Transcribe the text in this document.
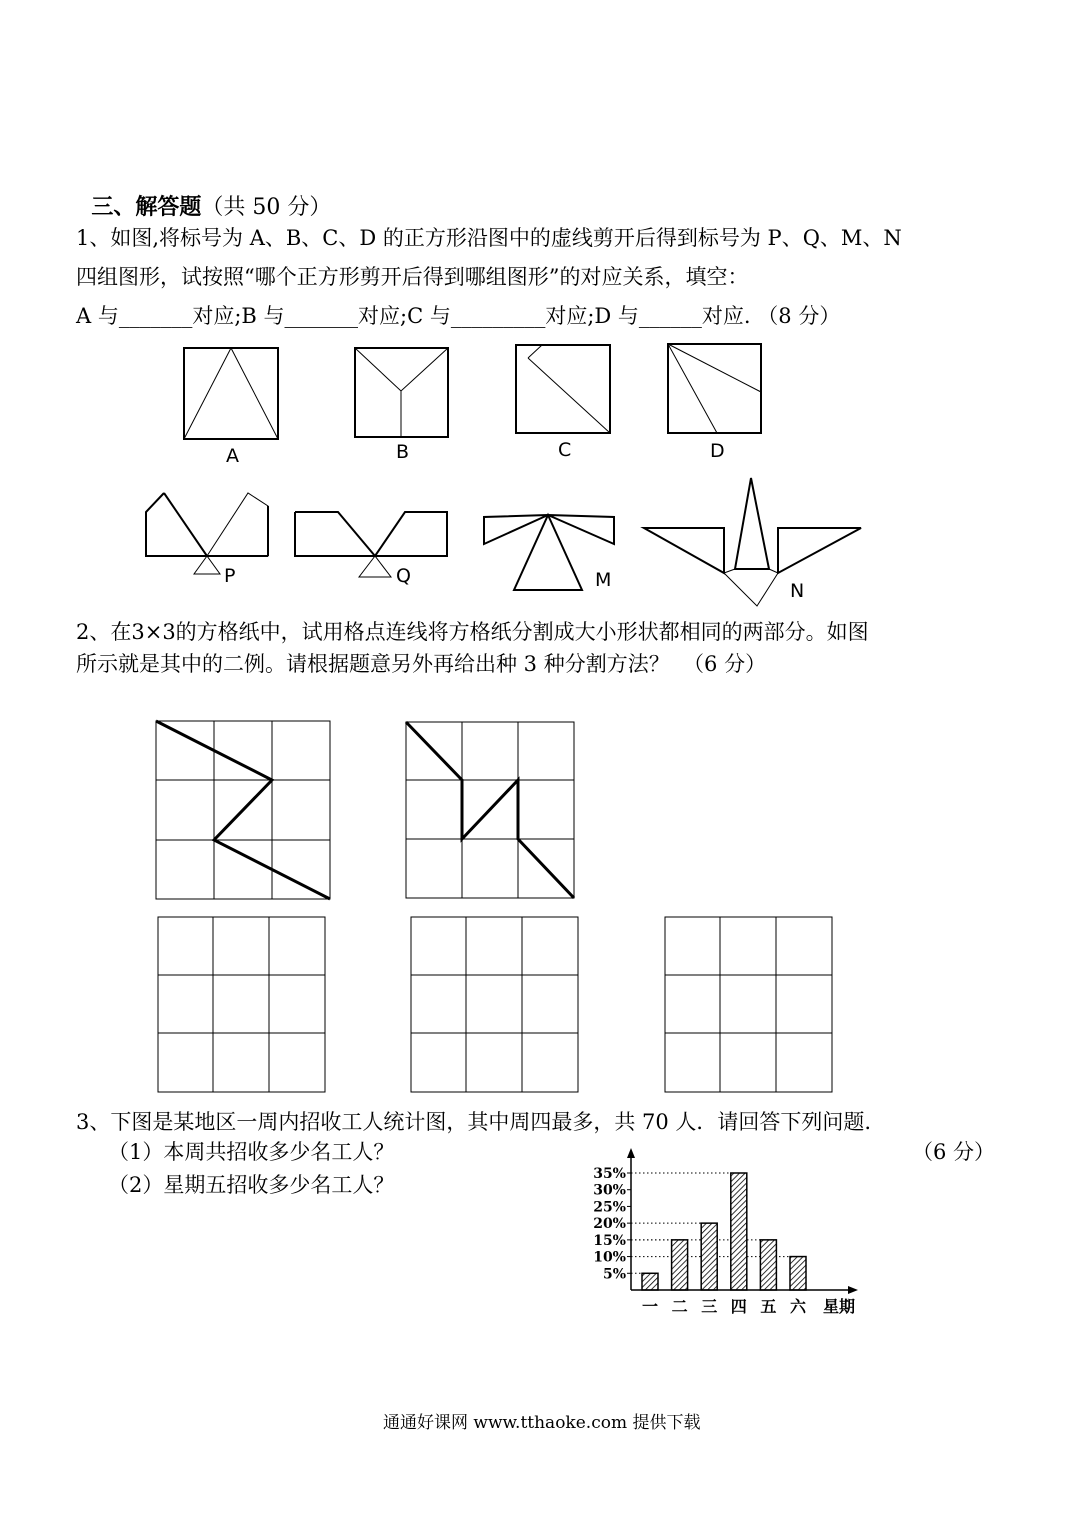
三、解答题（共 50 分）

1、如图,将标号为 A、B、C、D 的正方形沿图中的虚线剪开后得到标号为 P、Q、M、N
四组图形，试按照“哪个正方形剪开后得到哪组图形”的对应关系，填空：
A 与_______对应;B 与_______对应;C 与_________对应;D 与______对应. （8 分）
A	B	C	D
P	Q	M	N
2、在3×3的方格纸中，试用格点连线将方格纸分割成大小形状都相同的两部分。如图
所示就是其中的二例。请根据题意另外再给出种 3 种分割方法？  （6 分）
3、下图是某地区一周内招收工人统计图，其中周四最多，共 70 人．请回答下列问题.
（1）本周共招收多少名工人？	（6 分）
（2）星期五招收多少名工人？
5%
10%
15%
20%
25%
30%
35%
一 二 三 四 五 六 星期
通通好课网 www.tthaoke.com 提供下载
